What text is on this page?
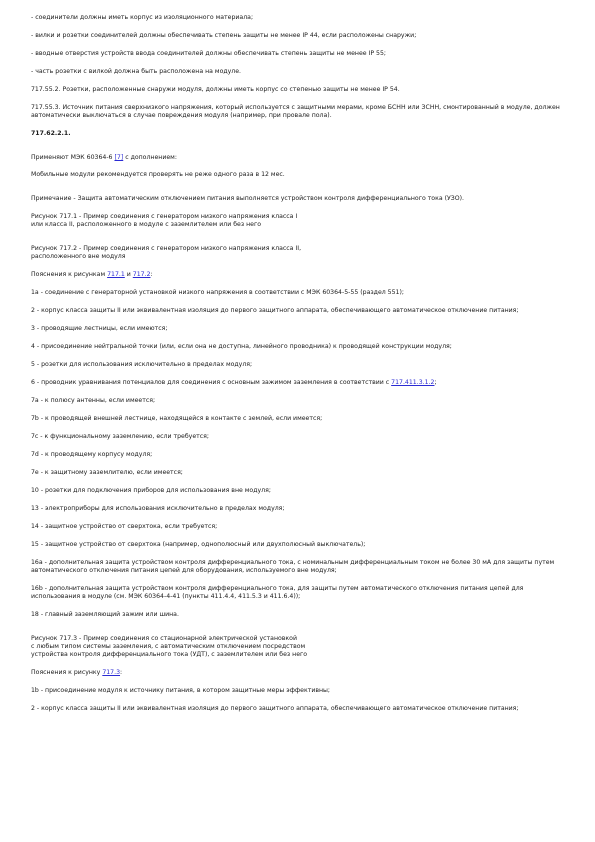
- соединители должны иметь корпус из изоляционного материала;
- вилки и розетки соединителей должны обеспечивать степень защиты не менее IP 44, если расположены снаружи;
- вводные отверстия устройств ввода соединителей должны обеспечивать степень защиты не менее IP 55;
- часть розетки с вилкой должна быть расположена на модуле.
717.55.2. Розетки, расположенные снаружи модуля, должны иметь корпус со степенью защиты не менее IP 54.
717.55.3. Источник питания сверхнизкого напряжения, который используется с защитными мерами, кроме БСНН или ЗСНН, смонтированный в модуле, должен автоматически выключаться в случае повреждения модуля (например, при провале пола).
717.62.2.1.
Применяют МЭК 60364-6 [7] с дополнением:
Мобильные модули рекомендуется проверять не реже одного раза в 12 мес.
Примечание - Защита автоматическим отключением питания выполняется устройством контроля дифференциального тока (УЗО).
Рисунок 717.1 - Пример соединения с генератором низкого напряжения класса I
или класса II, расположенного в модуле с заземлителем или без него
Рисунок 717.2 - Пример соединения с генератором низкого напряжения класса II,
расположенного вне модуля
Пояснения к рисункам 717.1 и 717.2:
1а - соединение с генераторной установкой низкого напряжения в соответствии с МЭК 60364-5-55 (раздел 551);
2 - корпус класса защиты II или эквивалентная изоляция до первого защитного аппарата, обеспечивающего автоматическое отключение питания;
3 - проводящие лестницы, если имеются;
4 - присоединение нейтральной точки (или, если она не доступна, линейного проводника) к проводящей конструкции модуля;
5 - розетки для использования исключительно в пределах модуля;
6 - проводник уравнивания потенциалов для соединения с основным зажимом заземления в соответствии с 717.411.3.1.2;
7а - к полюсу антенны, если имеется;
7b - к проводящей внешней лестнице, находящейся в контакте с землей, если имеется;
7с - к функциональному заземлению, если требуется;
7d - к проводящему корпусу модуля;
7е - к защитному заземлителю, если имеется;
10 - розетки для подключения приборов для использования вне модуля;
13 - электроприборы для использования исключительно в пределах модуля;
14 - защитное устройство от сверхтока, если требуется;
15 - защитное устройство от сверхтока (например, однополюсный или двухполюсный выключатель);
16а - дополнительная защита устройством контроля дифференциального тока, с номинальным дифференциальным током не более 30 мА для защиты путем автоматического отключения питания цепей для оборудования, используемого вне модуля;
16b - дополнительная защита устройством контроля дифференциального тока, для защиты путем автоматического отключения питания цепей для использования в модуле (см. МЭК 60364-4-41 (пункты 411.4.4, 411.5.3 и 411.6.4));
18 - главный заземляющий зажим или шина.
Рисунок 717.3 - Пример соединения со стационарной электрической установкой
с любым типом системы заземления, с автоматическим отключением посредством
устройства контроля дифференциального тока (УДТ), с заземлителем или без него
Пояснения к рисунку 717.3:
1b - присоединение модуля к источнику питания, в котором защитные меры эффективны;
2 - корпус класса защиты II или эквивалентная изоляция до первого защитного аппарата, обеспечивающего автоматическое отключение питания;
